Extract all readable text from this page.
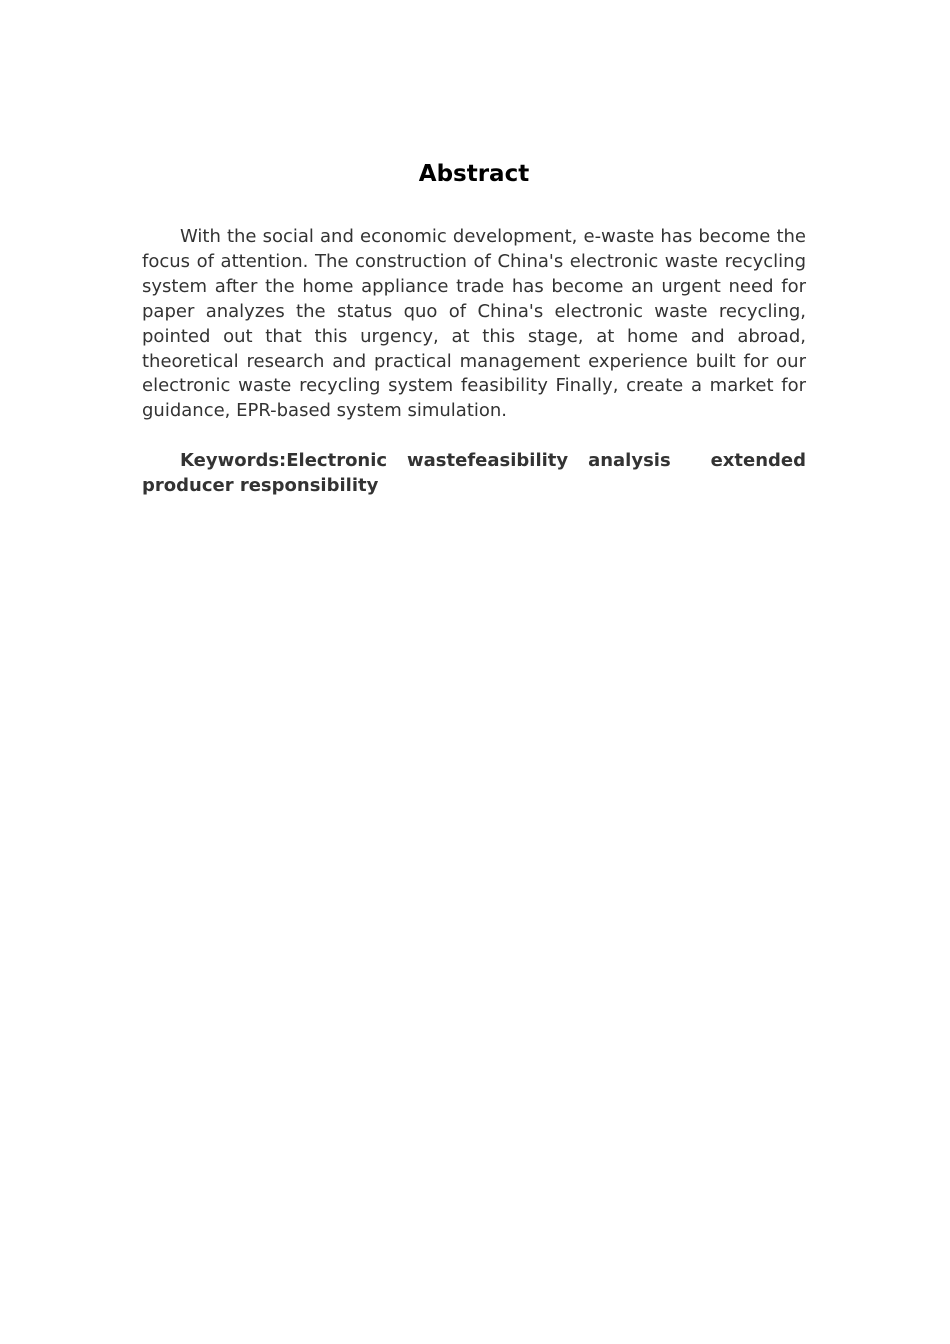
Abstract

With the social and economic development, e-waste has become the focus of attention. The construction of China's electronic waste recycling system after the home appliance trade has become an urgent need for paper analyzes the status quo of China's electronic waste recycling, pointed out that this urgency, at this stage, at home and abroad, theoretical research and practical management experience built for our electronic waste recycling system feasibility Finally, create a market for guidance, EPR-based system simulation.

Keywords:Electronic wastefeasibility analysis  extended producer responsibility
